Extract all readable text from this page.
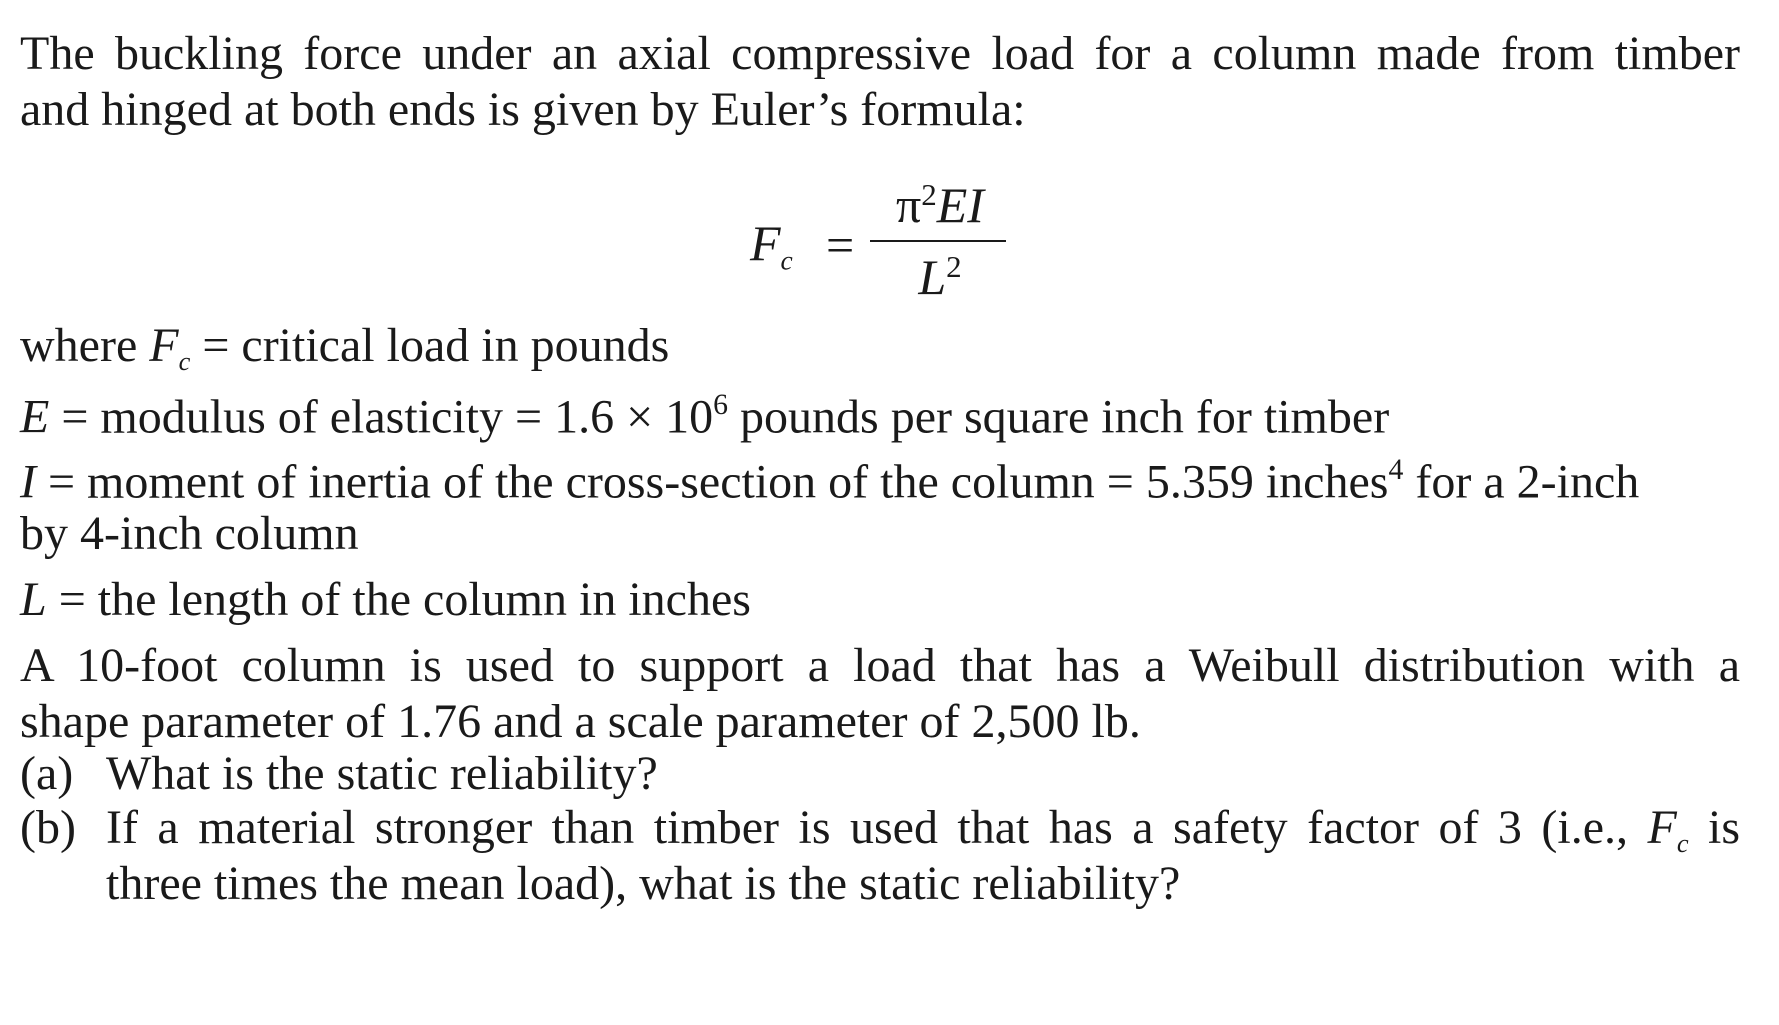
The buckling force under an axial compressive load for a column made from timber
and hinged at both ends is given by Euler’s formula:
$F_c$ =
$\pi^2EI$
$L^2$
where $F_c$ = critical load in pounds
E = modulus of elasticity = $1.6 \times 10^6$ pounds per square inch for timber
I = moment of inertia of the cross-section of the column = 5.359 inches$^4$ for a 2-inch
by 4-inch column
L = the length of the column in inches
A 10-foot column is used to support a load that has a Weibull distribution with a
shape parameter of 1.76 and a scale parameter of 2,500 lb.
(a) What is the static reliability?
(b) If a material stronger than timber is used that has a safety factor of 3 (i.e., $F_c$ is
three times the mean load), what is the static reliability?
